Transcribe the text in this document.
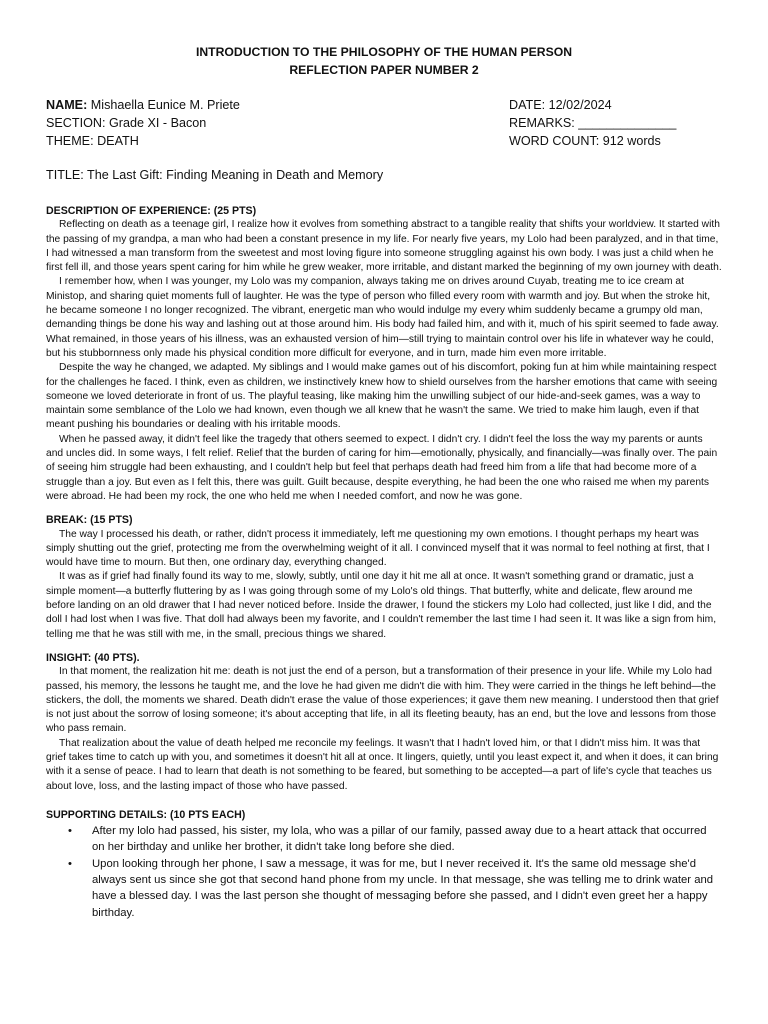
INTRODUCTION TO THE PHILOSOPHY OF THE HUMAN PERSON
REFLECTION PAPER NUMBER 2
NAME: Mishaella Eunice M. Priete
SECTION: Grade XI - Bacon
THEME: DEATH
DATE: 12/02/2024
REMARKS: ______________
WORD COUNT: 912 words
TITLE: The Last Gift: Finding Meaning in Death and Memory
DESCRIPTION OF EXPERIENCE: (25 PTS)

Reflecting on death as a teenage girl, I realize how it evolves from something abstract to a tangible reality that shifts your worldview. It started with the passing of my grandpa, a man who had been a constant presence in my life. For nearly five years, my Lolo had been paralyzed, and in that time, I had witnessed a man transform from the sweetest and most loving figure into someone struggling against his own body. I was just a child when he first fell ill, and those years spent caring for him while he grew weaker, more irritable, and distant marked the beginning of my own journey with death.

I remember how, when I was younger, my Lolo was my companion, always taking me on drives around Cuyab, treating me to ice cream at Ministop, and sharing quiet moments full of laughter. He was the type of person who filled every room with warmth and joy. But when the stroke hit, he became someone I no longer recognized. The vibrant, energetic man who would indulge my every whim suddenly became a grumpy old man, demanding things be done his way and lashing out at those around him. His body had failed him, and with it, much of his spirit seemed to fade away. What remained, in those years of his illness, was an exhausted version of him—still trying to maintain control over his life in whatever way he could, but his stubbornness only made his physical condition more difficult for everyone, and in turn, made him even more irritable.

Despite the way he changed, we adapted. My siblings and I would make games out of his discomfort, poking fun at him while maintaining respect for the challenges he faced. I think, even as children, we instinctively knew how to shield ourselves from the harsher emotions that came with seeing someone we loved deteriorate in front of us. The playful teasing, like making him the unwilling subject of our hide-and-seek games, was a way to maintain some semblance of the Lolo we had known, even though we all knew that he wasn't the same. We tried to make him laugh, even if that meant pushing his boundaries or dealing with his irritable moods.

When he passed away, it didn't feel like the tragedy that others seemed to expect. I didn't cry. I didn't feel the loss the way my parents or aunts and uncles did. In some ways, I felt relief. Relief that the burden of caring for him—emotionally, physically, and financially—was finally over. The pain of seeing him struggle had been exhausting, and I couldn't help but feel that perhaps death had freed him from a life that had become more of a struggle than a joy. But even as I felt this, there was guilt. Guilt because, despite everything, he had been the one who raised me when my parents were abroad. He had been my rock, the one who held me when I needed comfort, and now he was gone.

BREAK: (15 PTS)

The way I processed his death, or rather, didn't process it immediately, left me questioning my own emotions. I thought perhaps my heart was simply shutting out the grief, protecting me from the overwhelming weight of it all. I convinced myself that it was normal to feel nothing at first, that I would have time to mourn. But then, one ordinary day, everything changed.

It was as if grief had finally found its way to me, slowly, subtly, until one day it hit me all at once. It wasn't something grand or dramatic, just a simple moment—a butterfly fluttering by as I was going through some of my Lolo's old things. That butterfly, white and delicate, flew around me before landing on an old drawer that I had never noticed before. Inside the drawer, I found the stickers my Lolo had collected, just like I did, and the doll I had lost when I was five. That doll had always been my favorite, and I couldn't remember the last time I had seen it. It was like a sign from him, telling me that he was still with me, in the small, precious things we shared.

INSIGHT: (40 PTS).

In that moment, the realization hit me: death is not just the end of a person, but a transformation of their presence in your life. While my Lolo had passed, his memory, the lessons he taught me, and the love he had given me didn't die with him. They were carried in the things he left behind—the stickers, the doll, the moments we shared. Death didn't erase the value of those experiences; it gave them new meaning. I understood then that grief is not just about the sorrow of losing someone; it's about accepting that life, in all its fleeting beauty, has an end, but the love and lessons from those who pass remain.

That realization about the value of death helped me reconcile my feelings. It wasn't that I hadn't loved him, or that I didn't miss him. It was that grief takes time to catch up with you, and sometimes it doesn't hit all at once. It lingers, quietly, until you least expect it, and when it does, it can bring with it a sense of peace. I had to learn that death is not something to be feared, but something to be accepted—a part of life's cycle that teaches us about love, loss, and the lasting impact of those who have passed.

SUPPORTING DETAILS: (10 PTS EACH)
• After my lolo had passed, his sister, my lola, who was a pillar of our family, passed away due to a heart attack that occurred on her birthday and unlike her brother, it didn't take long before she died.
• Upon looking through her phone, I saw a message, it was for me, but I never received it. It's the same old message she'd always sent us since she got that second hand phone from my uncle. In that message, she was telling me to drink water and have a blessed day. I was the last person she thought of messaging before she passed, and I didn't even greet her a happy birthday.
